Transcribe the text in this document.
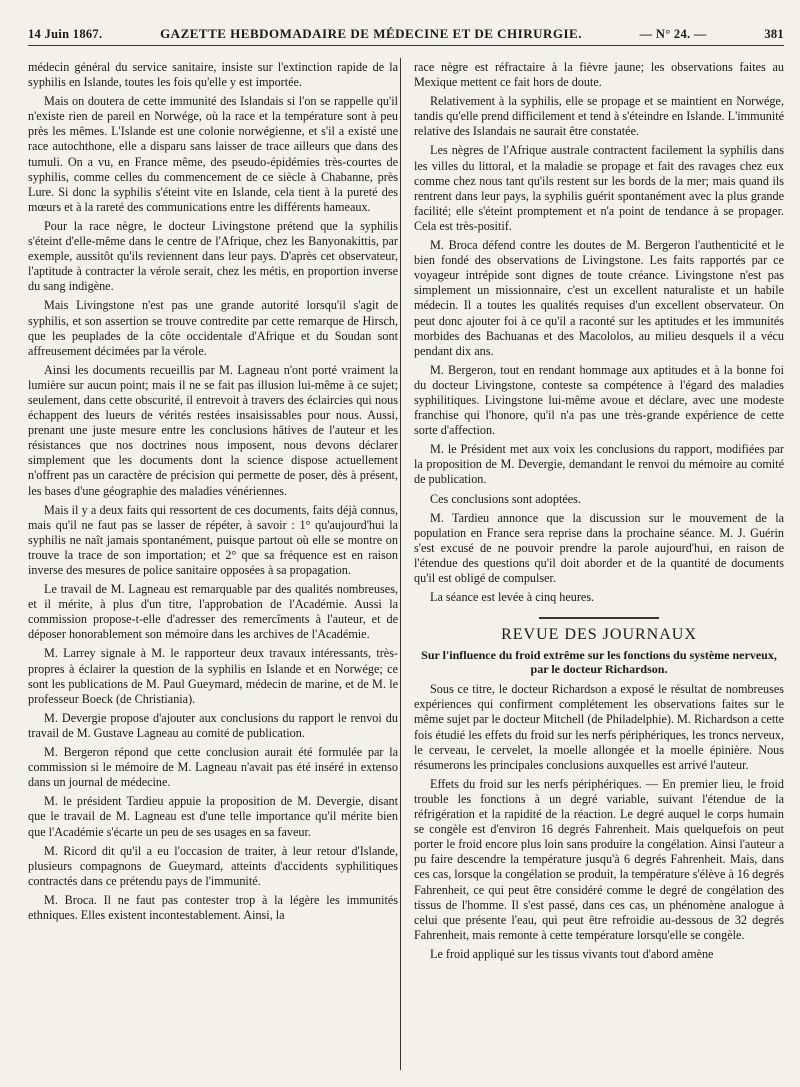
14 Juin 1867.	GAZETTE HEBDOMADAIRE DE MÉDECINE ET DE CHIRURGIE.	— N° 24. —	381

médecin général du service sanitaire, insiste sur l'extinction rapide de la syphilis en Islande, toutes les fois qu'elle y est importée.

Mais on doutera de cette immunité des Islandais si l'on se rappelle qu'il n'existe rien de pareil en Norwége, où la race et la température sont à peu près les mêmes. L'Islande est une colonie norwégienne, et s'il a existé une race autochthone, elle a disparu sans laisser de trace ailleurs que dans des tumuli. On a vu, en France même, des pseudo-épidémies très-courtes de syphilis, comme celles du commencement de ce siècle à Chabanne, près Lure. Si donc la syphilis s'éteint vite en Islande, cela tient à la pureté des mœurs et à la rareté des communications entre les différents hameaux.

Pour la race nègre, le docteur Livingstone prétend que la syphilis s'éteint d'elle-même dans le centre de l'Afrique, chez les Banyonakittis, par exemple, aussitôt qu'ils reviennent dans leur pays. D'après cet observateur, l'aptitude à contracter la vérole serait, chez les métis, en proportion inverse du sang indigène.

Mais Livingstone n'est pas une grande autorité lorsqu'il s'agit de syphilis, et son assertion se trouve contredite par cette remarque de Hirsch, que les peuplades de la côte occidentale d'Afrique et du Soudan sont affreusement décimées par la vérole.

Ainsi les documents recueillis par M. Lagneau n'ont porté vraiment la lumière sur aucun point; mais il ne se fait pas illusion lui-même à ce sujet; seulement, dans cette obscurité, il entrevoit à travers des éclaircies qui nous échappent des lueurs de vérités restées insaisissables pour nous. Aussi, prenant une juste mesure entre les conclusions hâtives de l'auteur et les résistances que nos doctrines nous imposent, nous devons déclarer simplement que les documents dont la science dispose actuellement n'offrent pas un caractère de précision qui permette de poser, dès à présent, les bases d'une géographie des maladies vénériennes.

Mais il y a deux faits qui ressortent de ces documents, faits déjà connus, mais qu'il ne faut pas se lasser de répéter, à savoir : 1° qu'aujourd'hui la syphilis ne naît jamais spontanément, puisque partout où elle se montre on trouve la trace de son importation; et 2° que sa fréquence est en raison inverse des mesures de police sanitaire opposées à sa propagation.

Le travail de M. Lagneau est remarquable par des qualités nombreuses, et il mérite, à plus d'un titre, l'approbation de l'Académie. Aussi la commission propose-t-elle d'adresser des remercîments à l'auteur, et de déposer honorablement son mémoire dans les archives de l'Académie.

M. Larrey signale à M. le rapporteur deux travaux intéressants, très-propres à éclairer la question de la syphilis en Islande et en Norwége; ce sont les publications de M. Paul Gueymard, médecin de marine, et de M. le professeur Boeck (de Christiania).

M. Devergie propose d'ajouter aux conclusions du rapport le renvoi du travail de M. Gustave Lagneau au comité de publication.

M. Bergeron répond que cette conclusion aurait été formulée par la commission si le mémoire de M. Lagneau n'avait pas été inséré in extenso dans un journal de médecine.

M. le président Tardieu appuie la proposition de M. Devergie, disant que le travail de M. Lagneau est d'une telle importance qu'il mérite bien que l'Académie s'écarte un peu de ses usages en sa faveur.

M. Ricord dit qu'il a eu l'occasion de traiter, à leur retour d'Islande, plusieurs compagnons de Gueymard, atteints d'accidents syphilitiques contractés dans ce prétendu pays de l'immunité.

M. Broca. Il ne faut pas contester trop à la légère les immunités ethniques. Elles existent incontestablement. Ainsi, la

race nègre est réfractaire à la fièvre jaune; les observations faites au Mexique mettent ce fait hors de doute.

Relativement à la syphilis, elle se propage et se maintient en Norwége, tandis qu'elle prend difficilement et tend à s'éteindre en Islande. L'immunité relative des Islandais ne saurait être constatée.

Les nègres de l'Afrique australe contractent facilement la syphilis dans les villes du littoral, et la maladie se propage et fait des ravages chez eux comme chez nous tant qu'ils restent sur les bords de la mer; mais quand ils rentrent dans leur pays, la syphilis guérit spontanément avec la plus grande facilité; elle s'éteint promptement et n'a point de tendance à se propager. Cela est très-positif.

M. Broca défend contre les doutes de M. Bergeron l'authenticité et le bien fondé des observations de Livingstone. Les faits rapportés par ce voyageur intrépide sont dignes de toute créance. Livingstone n'est pas simplement un missionnaire, c'est un excellent naturaliste et un habile médecin. Il a toutes les qualités requises d'un excellent observateur. On peut donc ajouter foi à ce qu'il a raconté sur les aptitudes et les immunités morbides des Bachuanas et des Macololos, au milieu desquels il a vécu pendant dix ans.

M. Bergeron, tout en rendant hommage aux aptitudes et à la bonne foi du docteur Livingstone, conteste sa compétence à l'égard des maladies syphilitiques. Livingstone lui-même avoue et déclare, avec une modeste franchise qui l'honore, qu'il n'a pas une très-grande expérience de cette sorte d'affection.

M. le Président met aux voix les conclusions du rapport, modifiées par la proposition de M. Devergie, demandant le renvoi du mémoire au comité de publication.

Ces conclusions sont adoptées.

M. Tardieu annonce que la discussion sur le mouvement de la population en France sera reprise dans la prochaine séance. M. J. Guérin s'est excusé de ne pouvoir prendre la parole aujourd'hui, en raison de l'étendue des questions qu'il doit aborder et de la quantité de documents qu'il est obligé de compulser.

La séance est levée à cinq heures.

REVUE DES JOURNAUX

Sur l'influence du froid extrême sur les fonctions du système nerveux, par le docteur Richardson.

Sous ce titre, le docteur Richardson a exposé le résultat de nombreuses expériences qui confirment complétement les observations faites sur le même sujet par le docteur Mitchell (de Philadelphie). M. Richardson a cette fois étudié les effets du froid sur les nerfs périphériques, les troncs nerveux, le cerveau, le cervelet, la moelle allongée et la moelle épinière. Nous résumerons les principales conclusions auxquelles est arrivé l'auteur.

Effets du froid sur les nerfs périphériques. — En premier lieu, le froid trouble les fonctions à un degré variable, suivant l'étendue de la réfrigération et la rapidité de la réaction. Le degré auquel le corps humain se congèle est d'environ 16 degrés Fahrenheit. Mais quelquefois on peut porter le froid encore plus loin sans produire la congélation. Ainsi l'auteur a pu faire descendre la température jusqu'à 6 degrés Fahrenheit. Mais, dans ces cas, lorsque la congélation se produit, la température s'élève à 16 degrés Fahrenheit, ce qui peut être considéré comme le degré de congélation des tissus de l'homme. Il s'est passé, dans ces cas, un phénomène analogue à celui que présente l'eau, qui peut être refroidie au-dessous de 32 degrés Fahrenheit, mais remonte à cette température lorsqu'elle se congèle.

Le froid appliqué sur les tissus vivants tout d'abord amène
